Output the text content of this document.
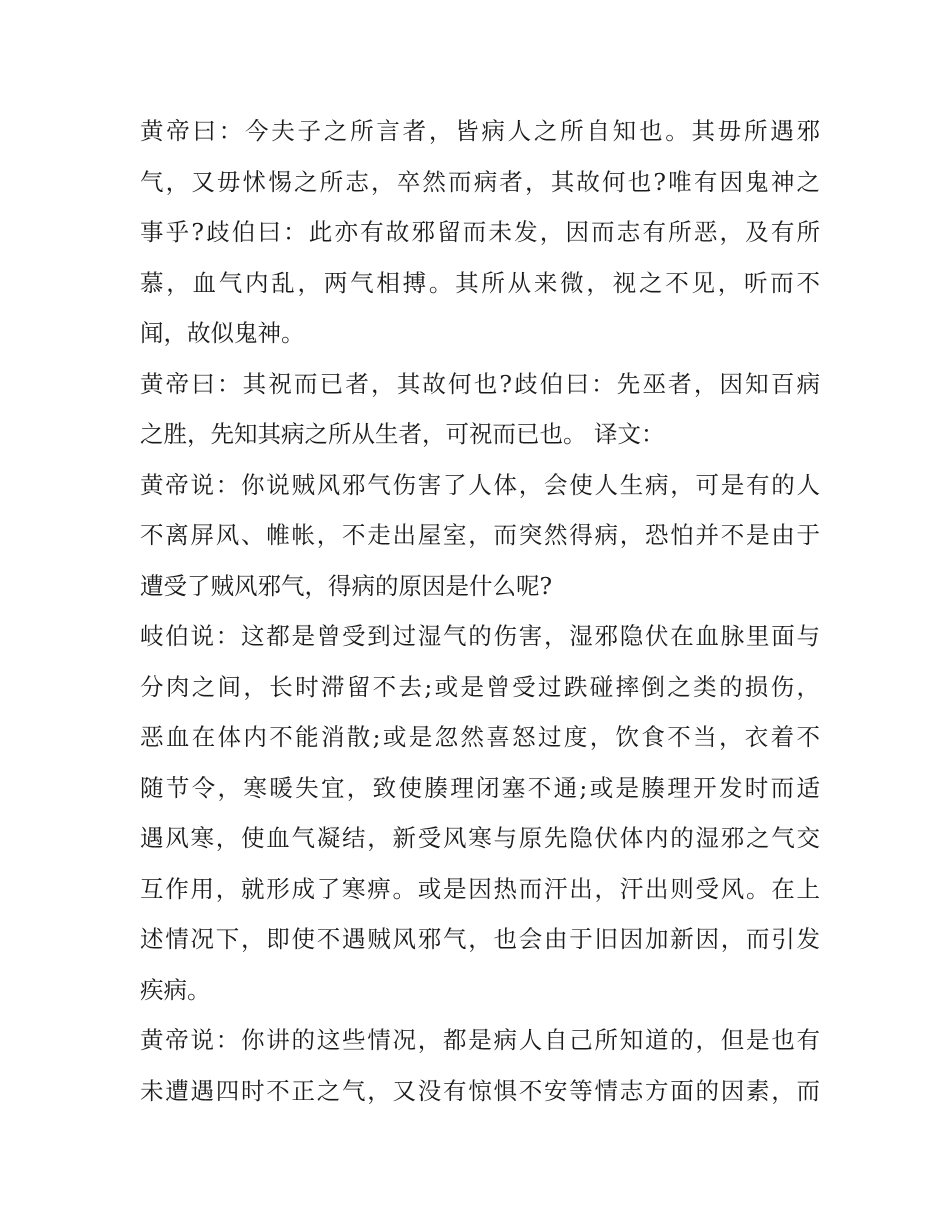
黄帝曰：今夫子之所言者，皆病人之所自知也。其毋所遇邪
气，又毋怵惕之所志，卒然而病者，其故何也?唯有因鬼神之
事乎?歧伯曰：此亦有故邪留而未发，因而志有所恶，及有所
慕，血气内乱，两气相搏。其所从来微，视之不见，听而不
闻，故似鬼神。
黄帝曰：其祝而已者，其故何也?歧伯曰：先巫者，因知百病
之胜，先知其病之所从生者，可祝而已也。 译文：
黄帝说：你说贼风邪气伤害了人体，会使人生病，可是有的人
不离屏风、帷帐，不走出屋室，而突然得病，恐怕并不是由于
遭受了贼风邪气，得病的原因是什么呢?
岐伯说：这都是曾受到过湿气的伤害，湿邪隐伏在血脉里面与
分肉之间，长时滞留不去;或是曾受过跌碰摔倒之类的损伤，
恶血在体内不能消散;或是忽然喜怒过度，饮食不当，衣着不
随节令，寒暖失宜，致使腠理闭塞不通;或是腠理开发时而适
遇风寒，使血气凝结，新受风寒与原先隐伏体内的湿邪之气交
互作用，就形成了寒痹。或是因热而汗出，汗出则受风。在上
述情况下，即使不遇贼风邪气，也会由于旧因加新因，而引发
疾病。
黄帝说：你讲的这些情况，都是病人自己所知道的，但是也有
未遭遇四时不正之气，又没有惊惧不安等情志方面的因素，而
